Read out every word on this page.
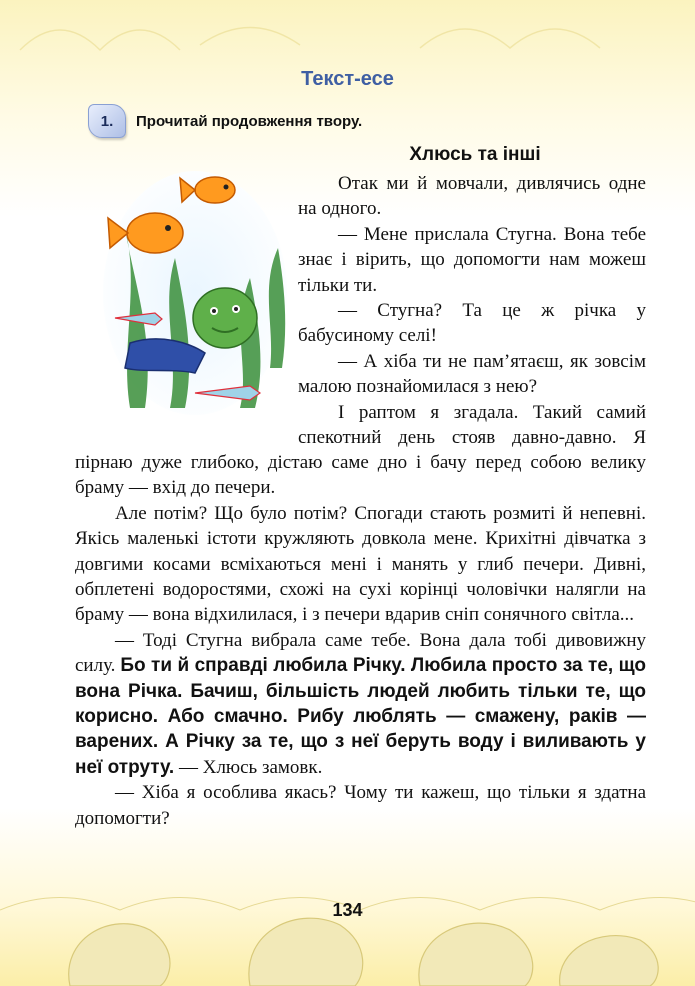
Текст-есе
1.	Прочитай продовження твору.
Хлюсь та інші

Отак ми й мовчали, дивлячись одне на одного.

— Мене прислала Стугна. Вона тебе знає і вірить, що допомогти нам можеш тільки ти.

— Стугна? Та це ж річка у бабусиному селі!

— А хіба ти не пам’ятаєш, як зовсім малою познайомилася з нею?

І раптом я згадала. Такий самий спекотний день стояв давно-давно. Я

пірнаю дуже глибоко, дістаю саме дно і бачу перед собою велику браму — вхід до печери.

Але потім? Що було потім? Спогади стають розмиті й непевні. Якісь маленькі істоти кружляють довкола мене. Крихітні дівчатка з довгими косами всміхаються мені і манять у глиб печери. Дивні, обплетені водоростями, схожі на сухі корінці чоловічки налягли на браму — вона відхилилася, і з печери вдарив сніп сонячного світла...

— Тоді Стугна вибрала саме тебе. Вона дала тобі дивовижну силу. Бо ти й справді любила Річку. Любила просто за те, що вона Річка. Бачиш, більшість людей любить тільки те, що корисно. Або смачно. Рибу люблять — смажену, раків — варених. А Річку за те, що з неї беруть воду і виливають у неї отруту. — Хлюсь замовк.

— Хіба я особлива якась? Чому ти кажеш, що тільки я здатна допомогти?

134
